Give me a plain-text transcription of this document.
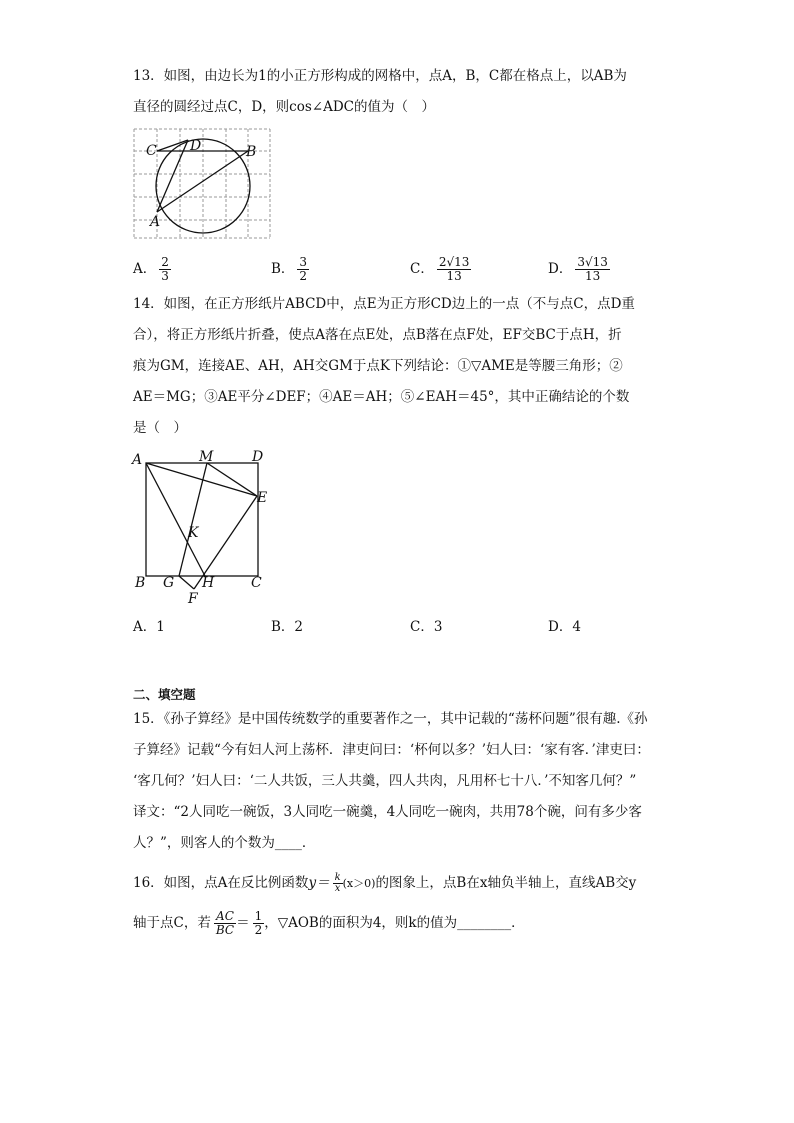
13．如图，由边长为1的小正方形构成的网格中，点A，B，C都在格点上，以AB为
直径的圆经过点C，D，则cos∠ADC的值为（　）
C D	B
A
A． $\frac{2}{3}$	B． $\frac{3}{2}$	C． $\frac{2√13}{13}$	D． $\frac{3√13}{13}$
14．如图，在正方形纸片ABCD中，点E为正方形CD边上的一点（不与点C，点D重
合），将正方形纸片折叠，使点A落在点E处，点B落在点F处，EF交BC于点H，折
痕为GM，连接AE、AH，AH交GM于点K下列结论：①▽AME是等腰三角形；②
AE＝MG；③AE平分∠DEF；④AE＝AH；⑤∠EAH＝45°，其中正确结论的个数
是（　）
A	M	D
E
K
B G H	C
F
A．1	B．2	C．3	D．4
二、填空题
15．《孙子算经》是中国传统数学的重要著作之一，其中记载的“荡杯问题”很有趣.《孙
子算经》记载“今有妇人河上荡杯．津吏问曰：‘杯何以多？’妇人曰：‘家有客．’津吏曰：
‘客几何？’妇人曰：‘二人共饭，三人共羹，四人共肉，凡用杯七十八．’不知客几何？”
译文：“2人同吃一碗饭，3人同吃一碗羹，4人同吃一碗肉，共用78个碗，问有多少客
人？”，则客人的个数为____．
16．如图，点A在反比例函数$y= \frac{k}{x} (x>0)$的图象上，点B在x轴负半轴上，直线AB交y
轴于点C，若 $\frac{AC}{BC} = \frac{1}{2}$ ，▽AOB的面积为4，则k的值为________．
